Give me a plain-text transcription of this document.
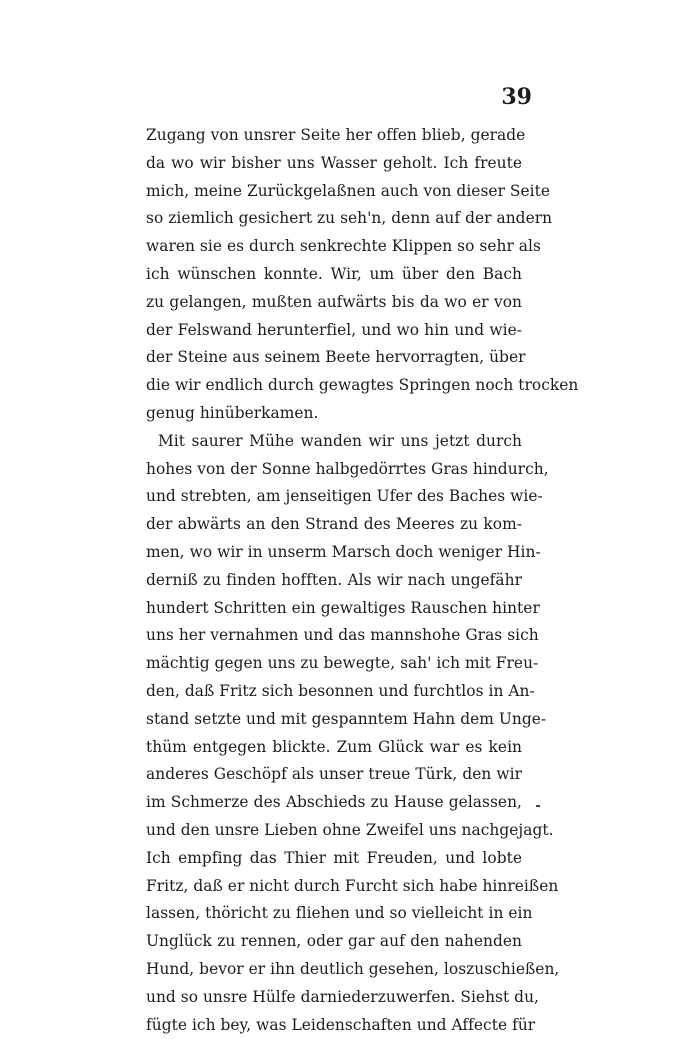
39

Zugang von unsrer Seite her offen blieb, gerade
da wo wir bisher uns Wasser geholt. Ich freute
mich, meine Zurückgelaßnen auch von dieser Seite
so ziemlich gesichert zu seh'n, denn auf der andern
waren sie es durch senkrechte Klippen so sehr als
ich wünschen konnte. Wir, um über den Bach
zu gelangen, mußten aufwärts bis da wo er von
der Felswand herunterfiel, und wo hin und wie-
der Steine aus seinem Beete hervorragten, über
die wir endlich durch gewagtes Springen noch trocken
genug hinüberkamen.
Mit saurer Mühe wanden wir uns jetzt durch
hohes von der Sonne halbgedörrtes Gras hindurch,
und strebten, am jenseitigen Ufer des Baches wie-
der abwärts an den Strand des Meeres zu kom-
men, wo wir in unserm Marsch doch weniger Hin-
derniß zu finden hofften. Als wir nach ungefähr
hundert Schritten ein gewaltiges Rauschen hinter
uns her vernahmen und das mannshohe Gras sich
mächtig gegen uns zu bewegte, sah' ich mit Freu-
den, daß Fritz sich besonnen und furchtlos in An-
stand setzte und mit gespanntem Hahn dem Unge-
thüm entgegen blickte. Zum Glück war es kein
anderes Geschöpf als unser treue Türk, den wir
im Schmerze des Abschieds zu Hause gelassen,
und den unsre Lieben ohne Zweifel uns nachgejagt.
Ich empfing das Thier mit Freuden, und lobte
Fritz, daß er nicht durch Furcht sich habe hinreißen
lassen, thöricht zu fliehen und so vielleicht in ein
Unglück zu rennen, oder gar auf den nahenden
Hund, bevor er ihn deutlich gesehen, loszuschießen,
und so unsre Hülfe darniederzuwerfen. Siehst du,
fügte ich bey, was Leidenschaften und Affecte für
